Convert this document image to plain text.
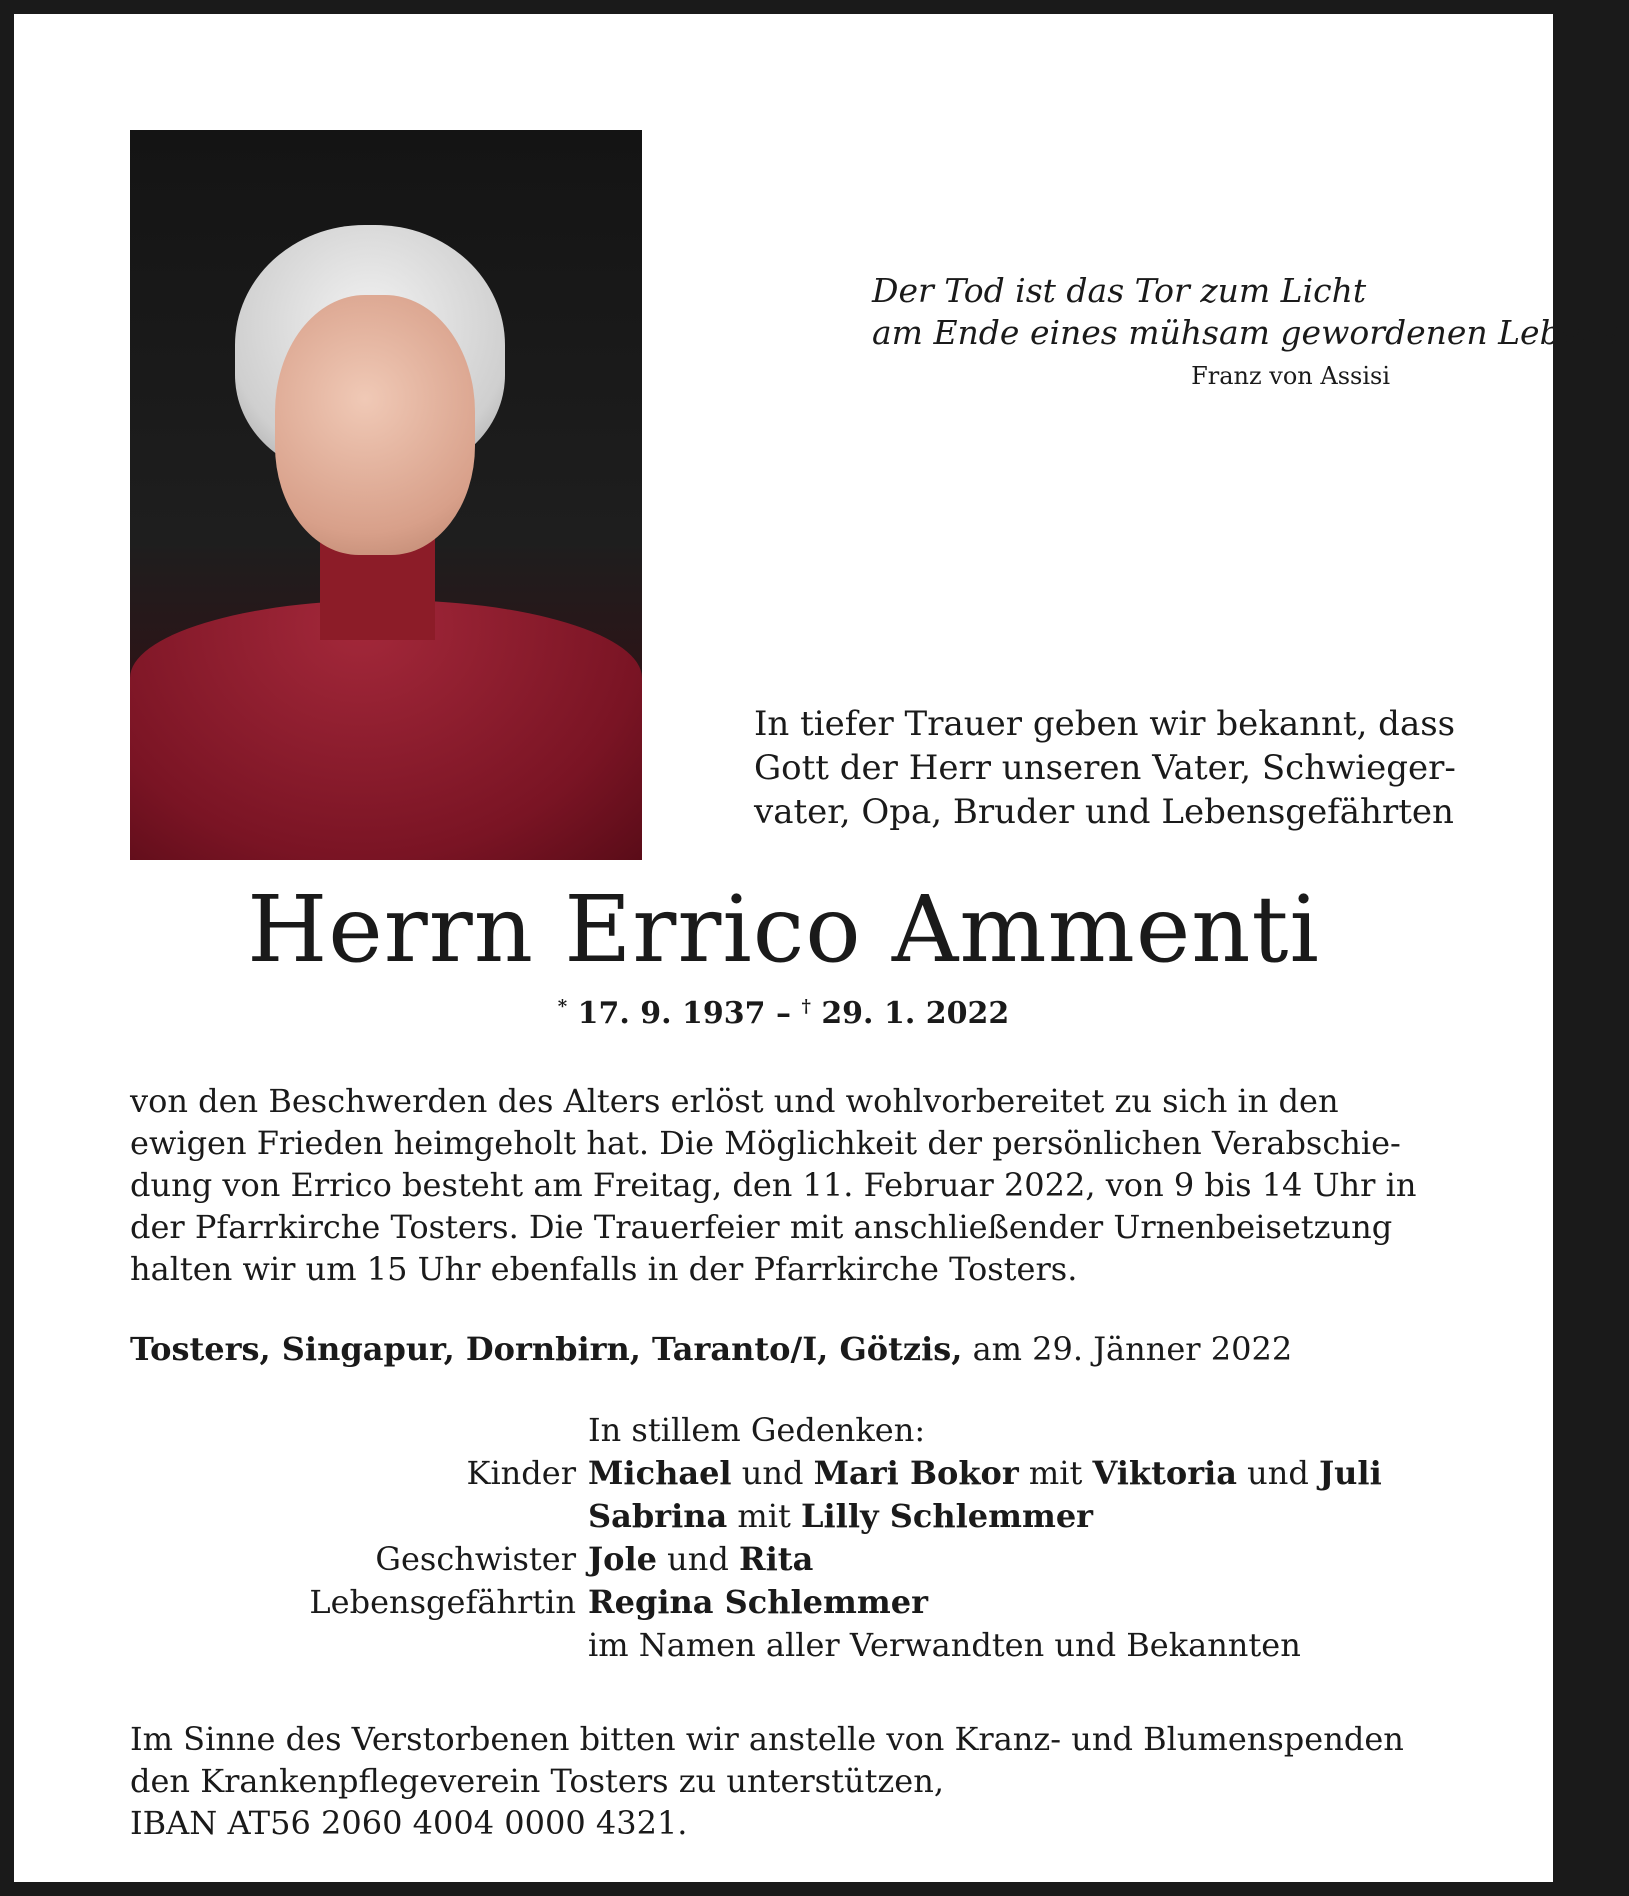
Der Tod ist das Tor zum Licht
am Ende eines mühsam gewordenen Lebens.
Franz von Assisi
In tiefer Trauer geben wir bekannt, dass
Gott der Herr unseren Vater, Schwieger-
vater, Opa, Bruder und Lebensgefährten
Herrn Errico Ammenti
* 17. 9. 1937 – † 29. 1. 2022
von den Beschwerden des Alters erlöst und wohlvorbereitet zu sich in den
ewigen Frieden heimgeholt hat. Die Möglichkeit der persönlichen Verabschie-
dung von Errico besteht am Freitag, den 11. Februar 2022, von 9 bis 14 Uhr in
der Pfarrkirche Tosters. Die Trauerfeier mit anschließender Urnenbeisetzung
halten wir um 15 Uhr ebenfalls in der Pfarrkirche Tosters.
Tosters, Singapur, Dornbirn, Taranto/I, Götzis, am 29. Jänner 2022
In stillem Gedenken:
Kinder Michael und Mari Bokor mit Viktoria und Juli
Sabrina mit Lilly Schlemmer
Geschwister Jole und Rita
Lebensgefährtin Regina Schlemmer
im Namen aller Verwandten und Bekannten
Im Sinne des Verstorbenen bitten wir anstelle von Kranz- und Blumenspenden
den Krankenpflegeverein Tosters zu unterstützen,
IBAN AT56 2060 4004 0000 4321.
